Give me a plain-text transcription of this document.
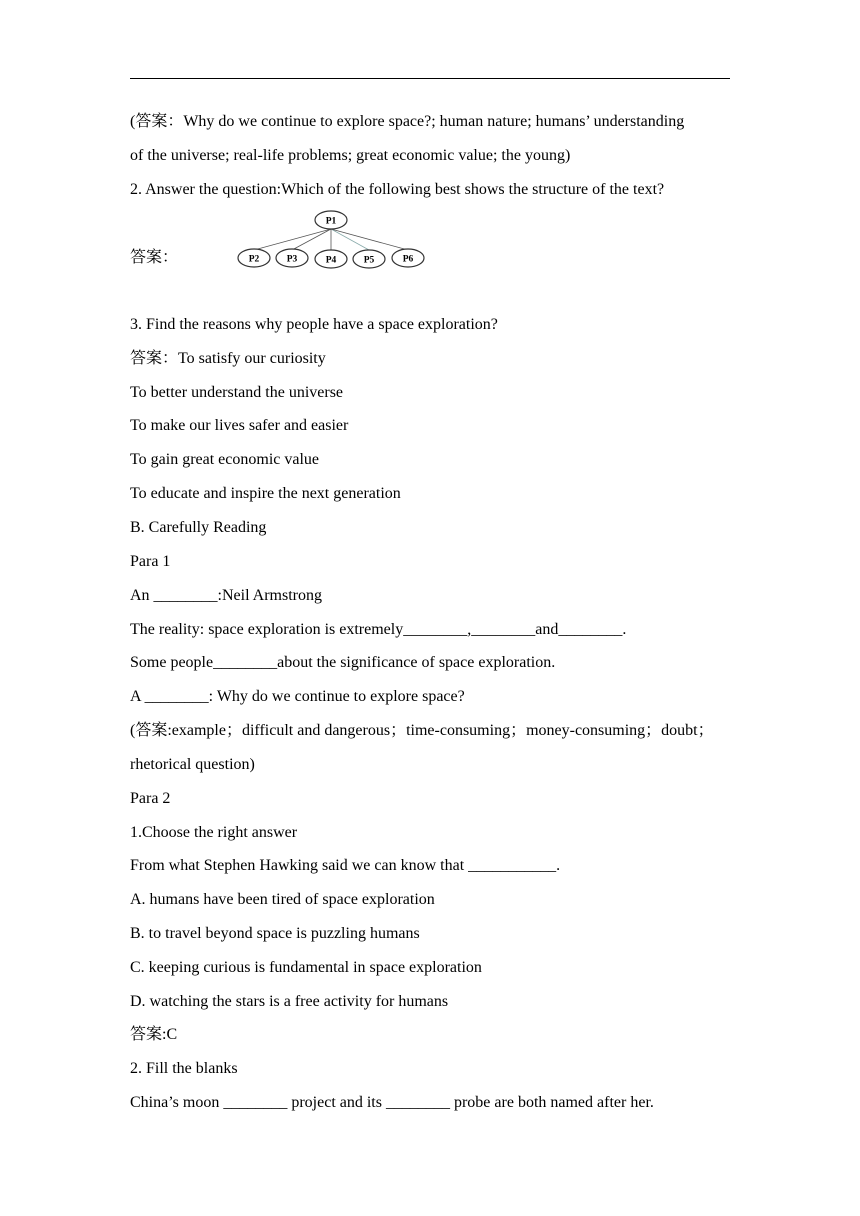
(答案：Why do we continue to explore space?; human nature; humans’ understanding
of the universe; real-life problems; great economic value; the young)
2. Answer the question:Which of the following best shows the structure of the text?
答案：
P1
P2	P3	P4	P5	P6
3. Find the reasons why people have a space exploration?
答案：To satisfy our curiosity
To better understand the universe
To make our lives safer and easier
To gain great economic value
To educate and inspire the next generation
B. Carefully Reading
Para 1
An ________:Neil Armstrong
The reality: space exploration is extremely________,________and________.
Some people________about the significance of space exploration.
A ________: Why do we continue to explore space?
(答案:example；difficult and dangerous；time-consuming；money-consuming；doubt；
rhetorical question)
Para 2
1.Choose the right answer
From what Stephen Hawking said we can know that ___________.
A. humans have been tired of space exploration
B. to travel beyond space is puzzling humans
C. keeping curious is fundamental in space exploration
D. watching the stars is a free activity for humans
答案:C
2. Fill the blanks
China’s moon ________ project and its ________ probe are both named after her.
